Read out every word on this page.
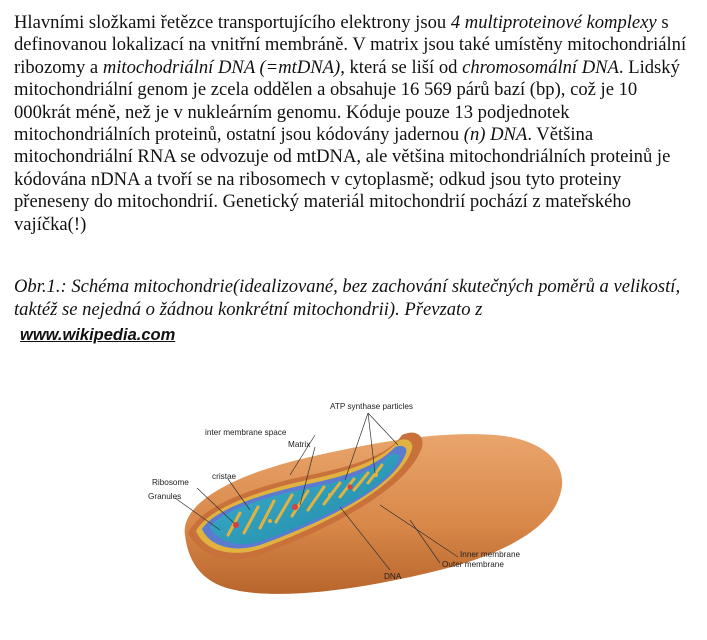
Hlavními složkami řetězce transportujícího elektrony jsou 4 multiproteinové komplexy s definovanou lokalizací na vnitřní membráně. V matrix jsou také umístěny mitochondriální ribozomy a mitochodriální DNA (=mtDNA), která se liší od chromosomální DNA. Lidský mitochondriální genom je zcela oddělen a obsahuje 16 569 párů bazí (bp), což je 10 000krát méně, než je v nukleárním genomu. Kóduje pouze 13 podjednotek mitochondriálních proteinů, ostatní jsou kódovány jadernou (n) DNA. Většina mitochondriální RNA se odvozuje od mtDNA, ale většina mitochondriálních proteinů je kódována nDNA a tvoří se na ribosomech v cytoplasmě; odkud jsou tyto proteiny přeneseny do mitochondrií. Genetický materiál mitochondrií pochází z mateřského vajíčka(!)
Obr.1.: Schéma mitochondrie(idealizované, bez zachování skutečných poměrů a velikostí, taktéž se nejedná o žádnou konkrétní mitochondrii). Převzato z
www.wikipedia.com
ATP synthase particles
inter membrane space
Matrix
cristae
Ribosome
Granules
Inner membrane
Outer membrane
DNA
